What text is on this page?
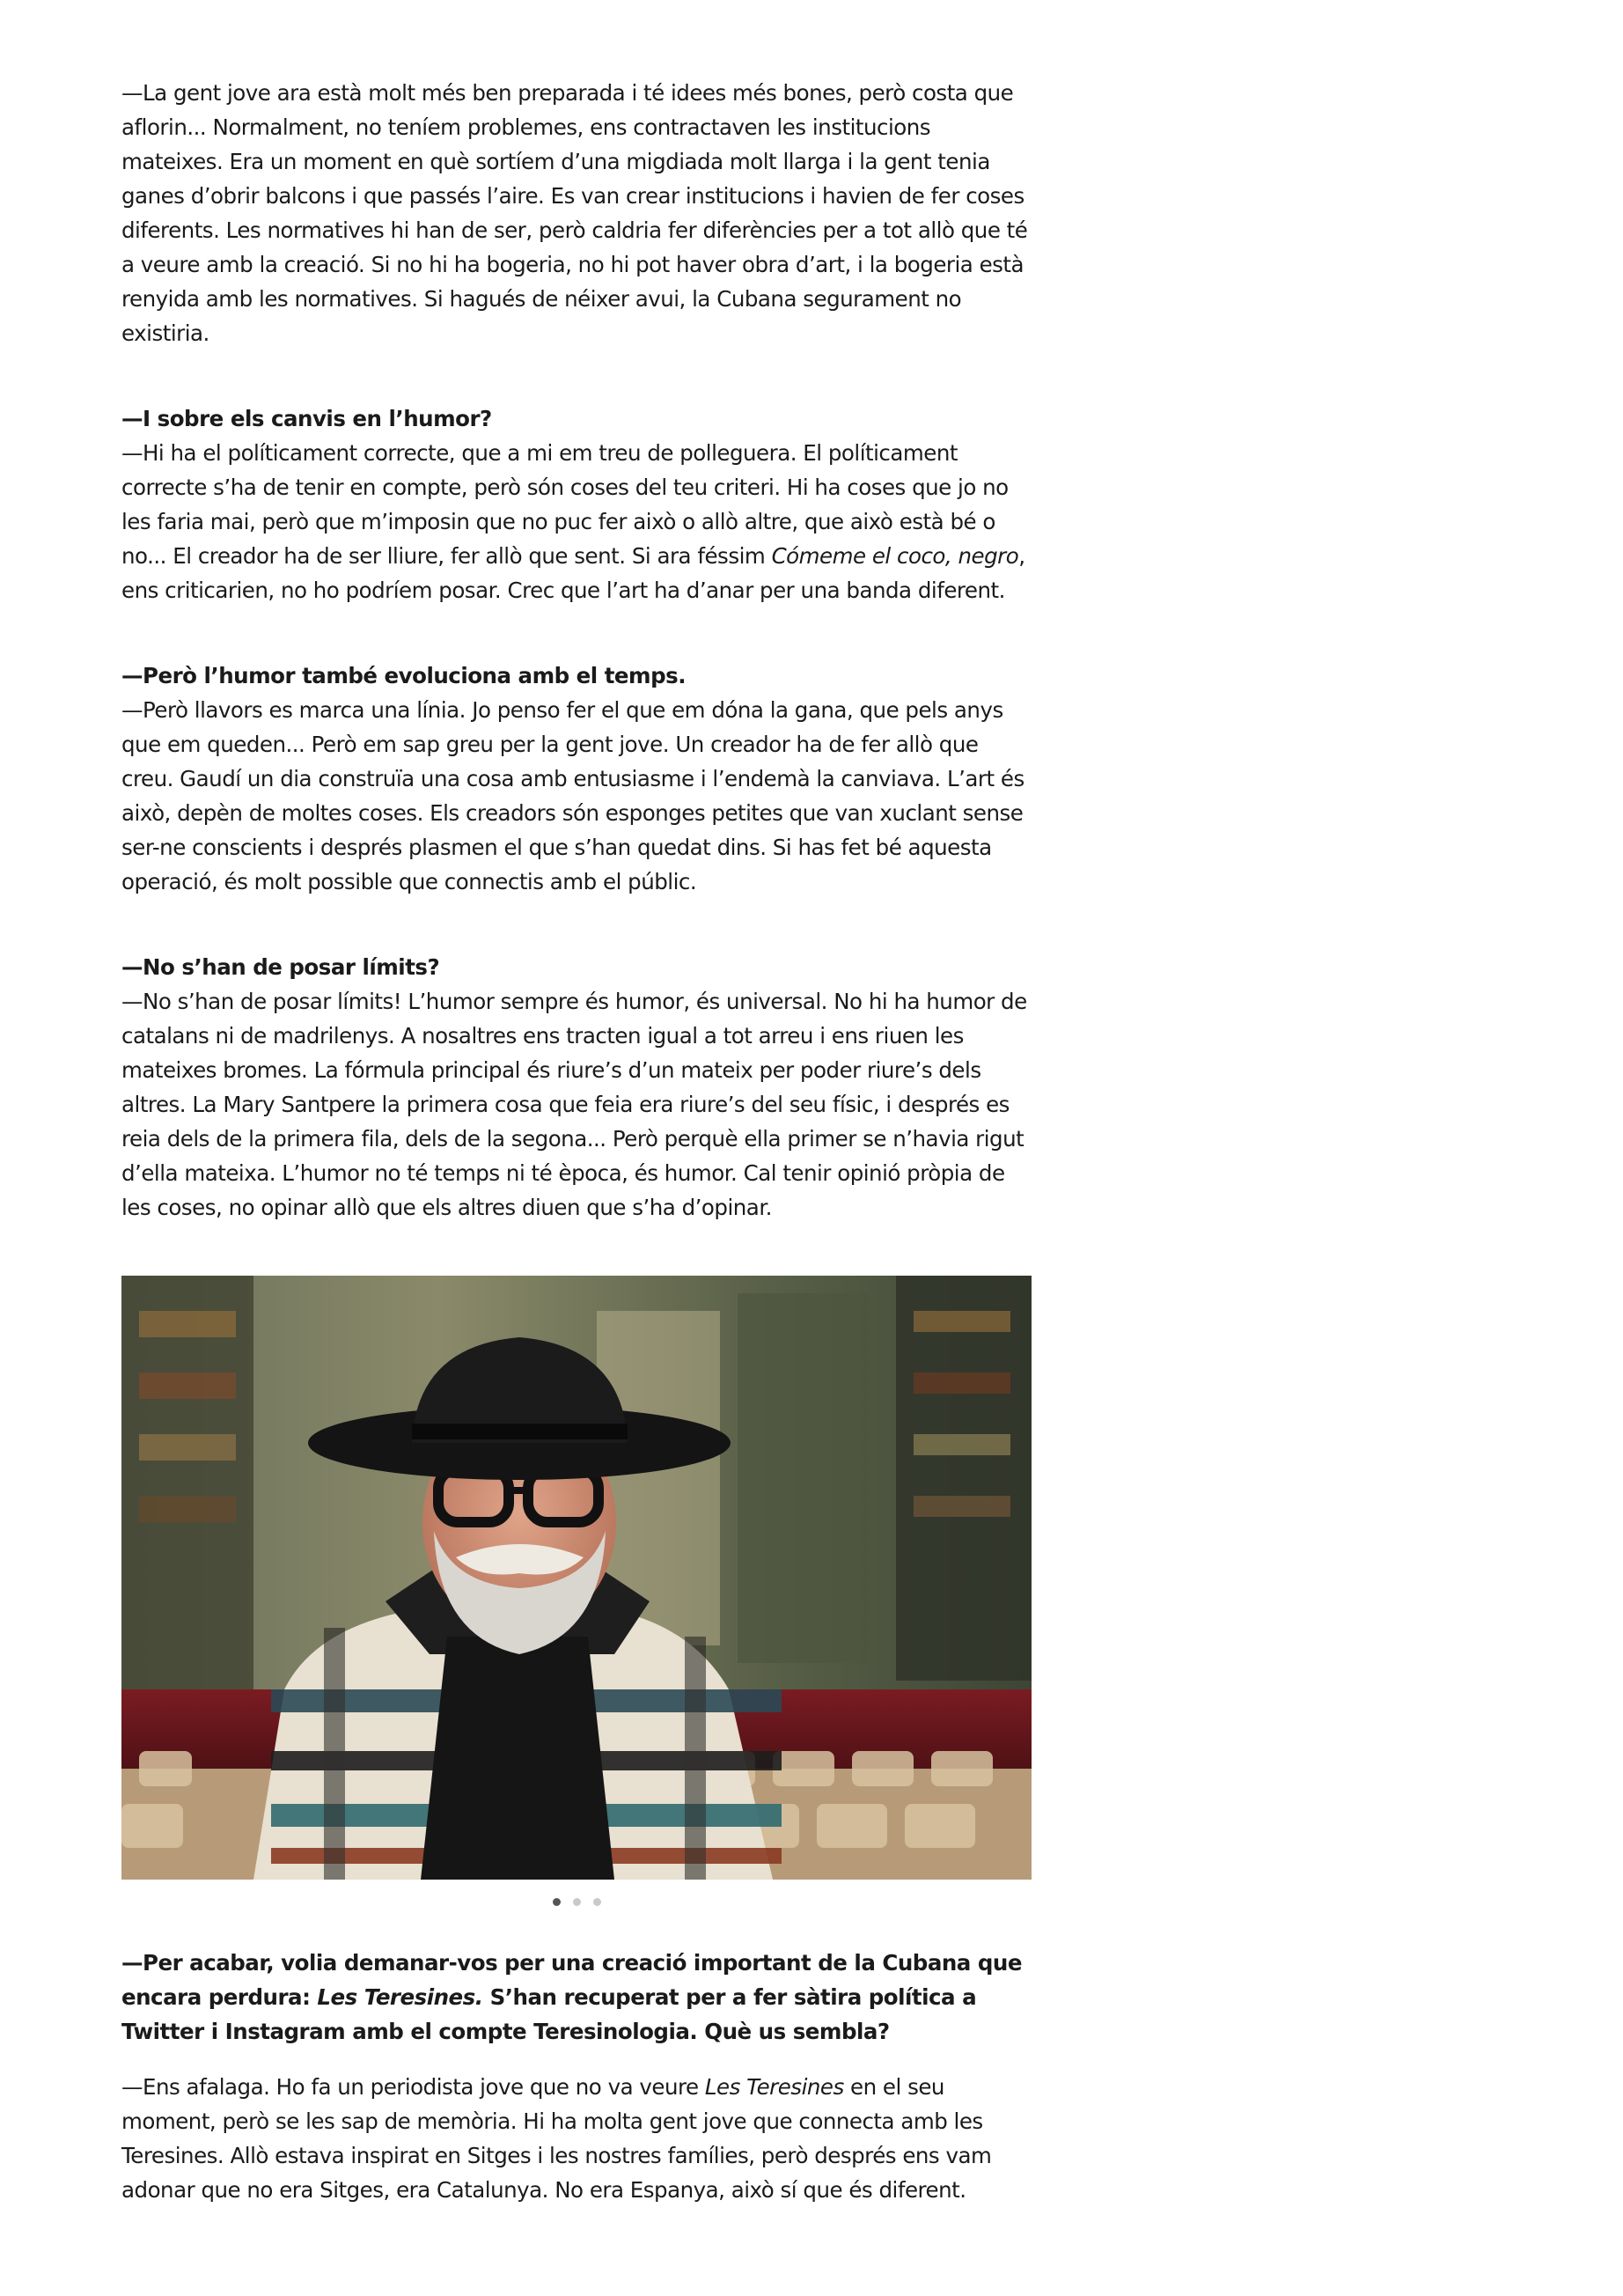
—La gent jove ara està molt més ben preparada i té idees més bones, però costa que aflorin... Normalment, no teníem problemes, ens contractaven les institucions mateixes. Era un moment en què sortíem d’una migdiada molt llarga i la gent tenia ganes d’obrir balcons i que passés l’aire. Es van crear institucions i havien de fer coses diferents. Les normatives hi han de ser, però caldria fer diferències per a tot allò que té a veure amb la creació. Si no hi ha bogeria, no hi pot haver obra d’art, i la bogeria està renyida amb les normatives. Si hagués de néixer avui, la Cubana segurament no existiria.

—I sobre els canvis en l’humor?

—Hi ha el políticament correcte, que a mi em treu de polleguera. El políticament correcte s’ha de tenir en compte, però són coses del teu criteri. Hi ha coses que jo no les faria mai, però que m’imposin que no puc fer això o allò altre, que això està bé o no... El creador ha de ser lliure, fer allò que sent. Si ara féssim Cómeme el coco, negro, ens criticarien, no ho podríem posar. Crec que l’art ha d’anar per una banda diferent.

—Però l’humor també evoluciona amb el temps.

—Però llavors es marca una línia. Jo penso fer el que em dóna la gana, que pels anys que em queden... Però em sap greu per la gent jove. Un creador ha de fer allò que creu. Gaudí un dia construïa una cosa amb entusiasme i l’endemà la canviava. L’art és això, depèn de moltes coses. Els creadors són esponges petites que van xuclant sense ser-ne conscients i després plasmen el que s’han quedat dins. Si has fet bé aquesta operació, és molt possible que connectis amb el públic.

—No s’han de posar límits?

—No s’han de posar límits! L’humor sempre és humor, és universal. No hi ha humor de catalans ni de madrilenys. A nosaltres ens tracten igual a tot arreu i ens riuen les mateixes bromes. La fórmula principal és riure’s d’un mateix per poder riure’s dels altres. La Mary Santpere la primera cosa que feia era riure’s del seu físic, i després es reia dels de la primera fila, dels de la segona... Però perquè ella primer se n’havia rigut d’ella mateixa. L’humor no té temps ni té època, és humor. Cal tenir opinió pròpia de les coses, no opinar allò que els altres diuen que s’ha d’opinar.

—Per acabar, volia demanar-vos per una creació important de la Cubana que encara perdura: Les Teresines. S’han recuperat per a fer sàtira política a Twitter i Instagram amb el compte Teresinologia. Què us sembla?

—Ens afalaga. Ho fa un periodista jove que no va veure Les Teresines en el seu moment, però se les sap de memòria. Hi ha molta gent jove que connecta amb les Teresines. Allò estava inspirat en Sitges i les nostres famílies, però després ens vam adonar que no era Sitges, era Catalunya. No era Espanya, això sí que és diferent.
